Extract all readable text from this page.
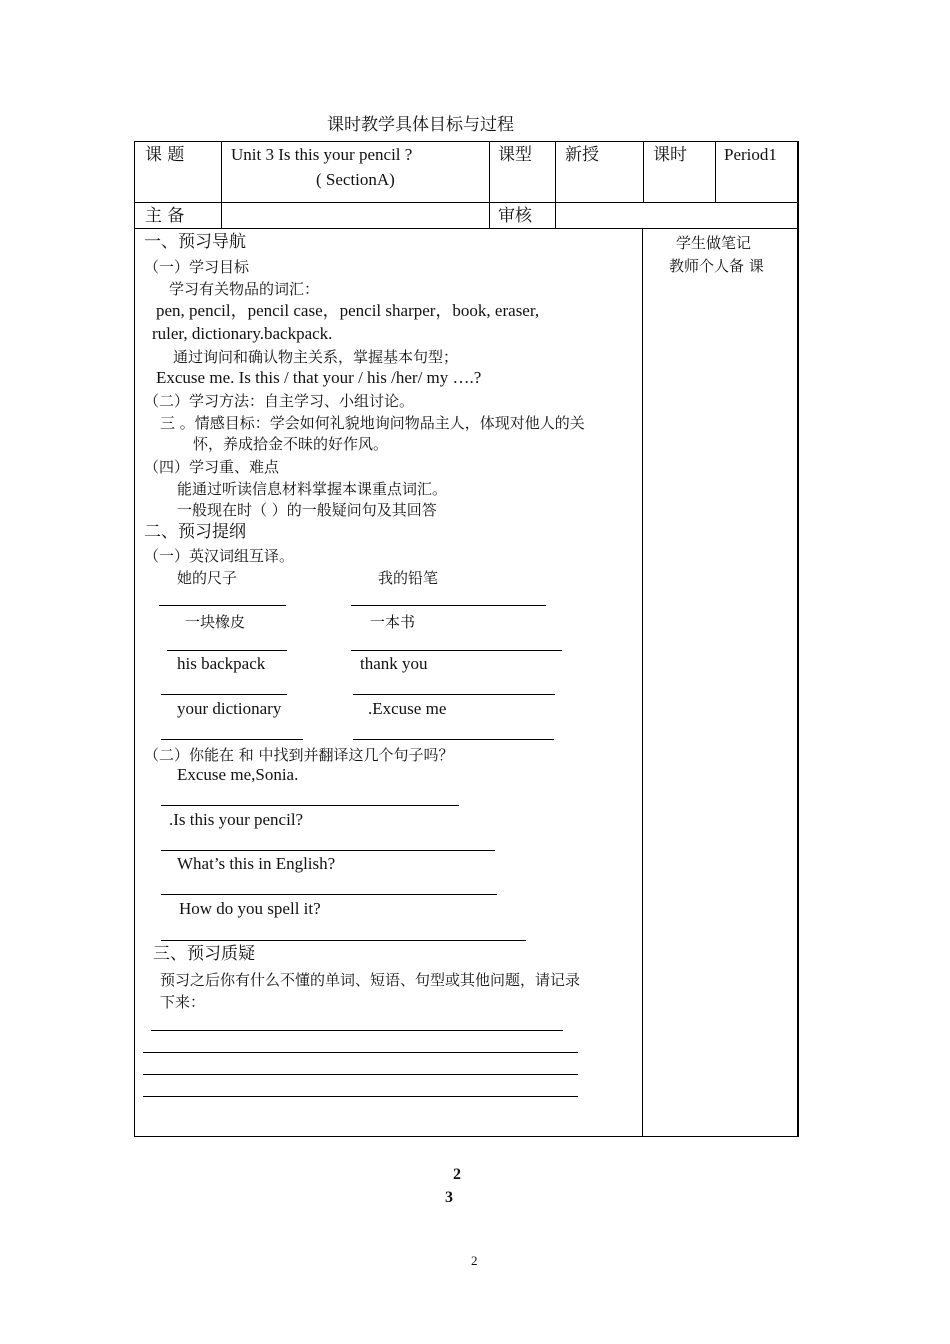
课时教学具体目标与过程
课 题	Unit 3 Is this your pencil ?
( SectionA)
课型 新授	课时 Period1
主 备	审核
学生做笔记
教师个人备 课
一、预习导航
（一）学习目标
学习有关物品的词汇：
pen, pencil，pencil case，pencil sharper，book, eraser,
ruler, dictionary.backpack.
通过询问和确认物主关系，掌握基本句型；
Excuse me. Is this / that your / his /her/ my ….?
（二）学习方法：自主学习、小组讨论。
三 。情感目标：学会如何礼貌地询问物品主人，体现对他人的关
怀，养成拾金不昧的好作风。
（四）学习重、难点
能通过听读信息材料掌握本课重点词汇。
一般现在时（ ）的一般疑问句及其回答
二、预习提纲
（一）英汉词组互译。
她的尺子	我的铅笔
一块橡皮	一本书
his backpack	thank you
your dictionary	.Excuse me
（二）你能在 和 中找到并翻译这几个句子吗？
Excuse me,Sonia.
.Is this your pencil?
What’s this in English?
How do you spell it?
三、预习质疑
预习之后你有什么不懂的单词、短语、句型或其他问题，请记录
下来：
2
3
2
